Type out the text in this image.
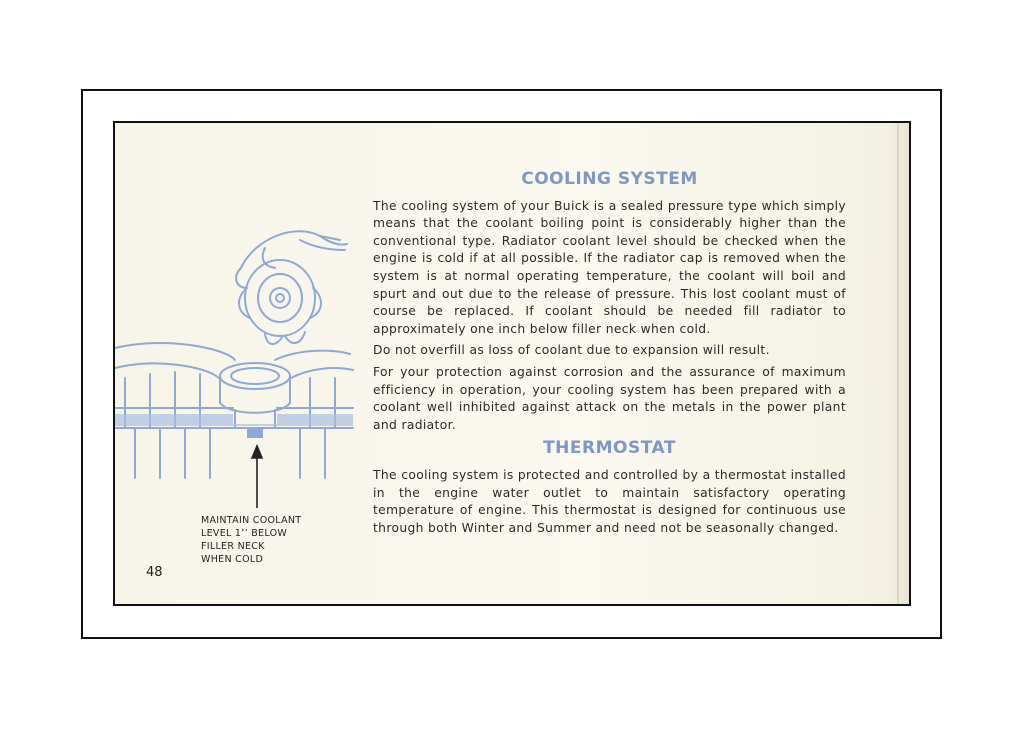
MAINTAIN COOLANT
LEVEL 1’’ BELOW
FILLER NECK
WHEN COLD
48
COOLING SYSTEM

The cooling system of your Buick is a sealed pressure type which simply means that the coolant boiling point is considerably higher than the conventional type. Radiator coolant level should be checked when the engine is cold if at all possible. If the radiator cap is removed when the system is at normal operating temperature, the coolant will boil and spurt and out due to the release of pressure. This lost coolant must of course be replaced. If coolant should be needed fill radiator to approximately one inch below filler neck when cold.

Do not overfill as loss of coolant due to expansion will result.

For your protection against corrosion and the assurance of maximum efficiency in operation, your cooling system has been prepared with a coolant well inhibited against attack on the metals in the power plant and radiator.

THERMOSTAT

The cooling system is protected and controlled by a thermostat installed in the engine water outlet to maintain satisfactory operating temperature of engine. This thermostat is designed for continuous use through both Winter and Summer and need not be seasonally changed.
